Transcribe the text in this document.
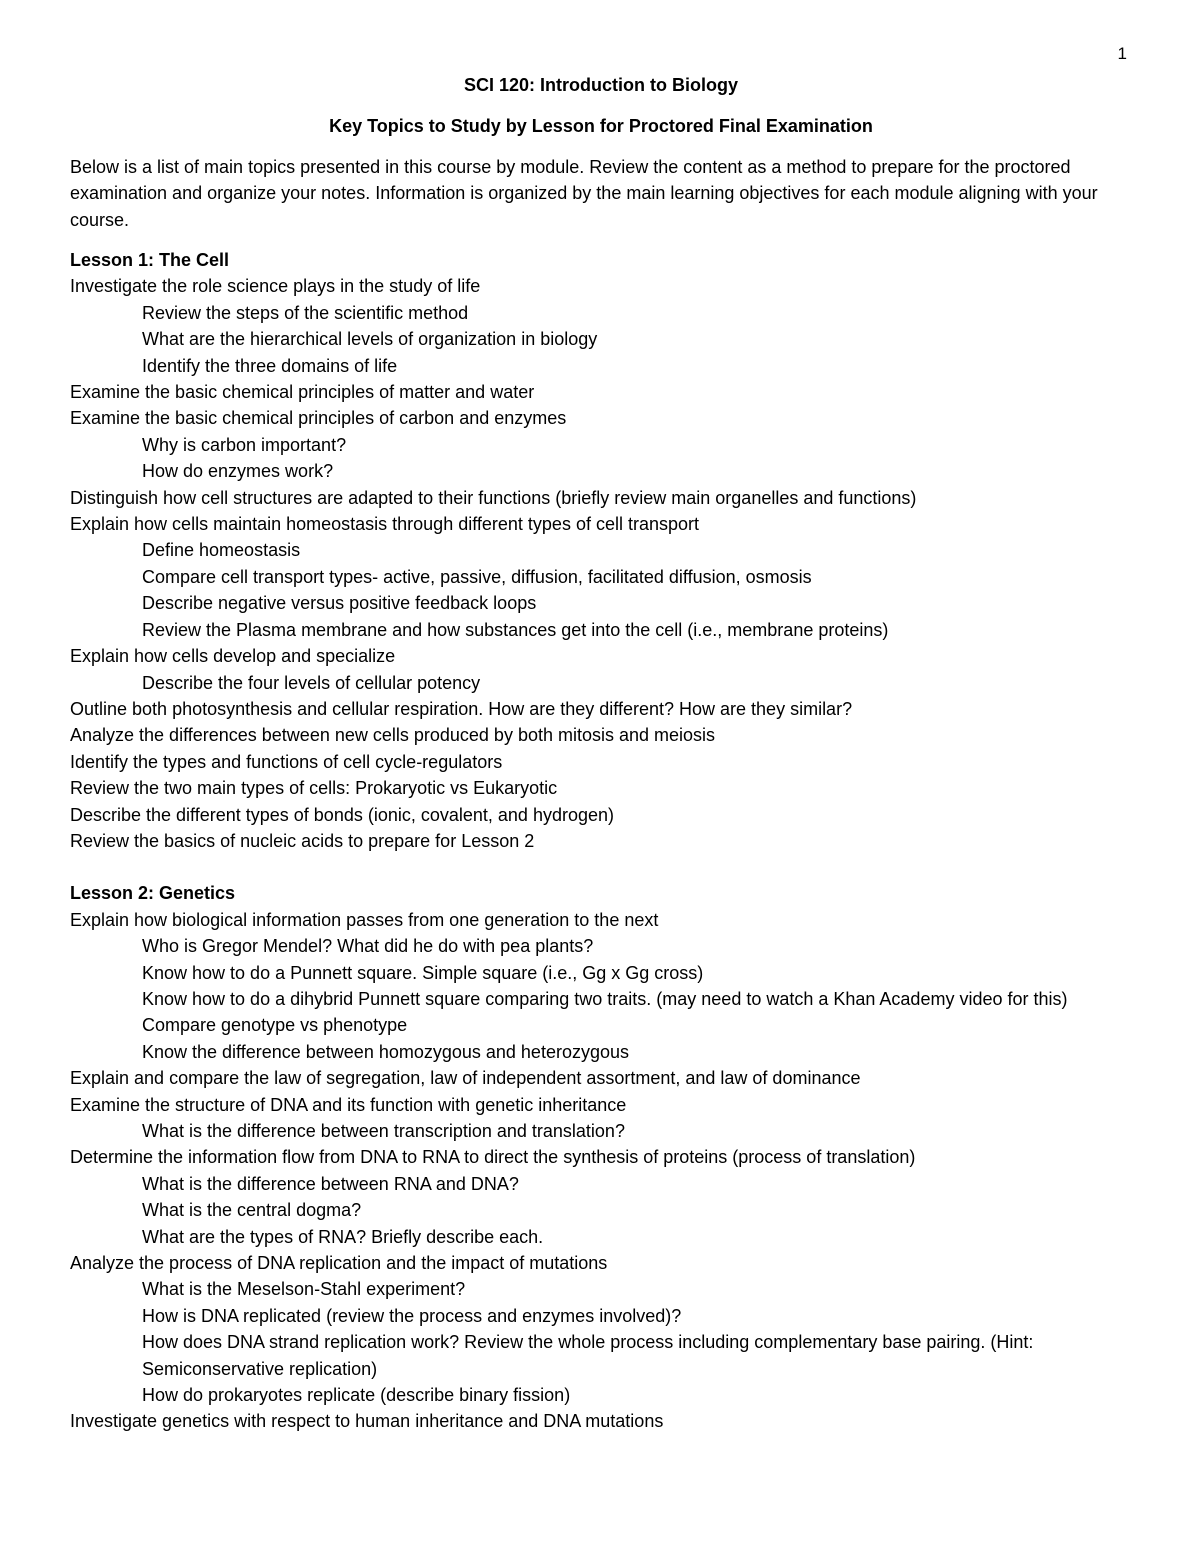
1

SCI 120: Introduction to Biology

Key Topics to Study by Lesson for Proctored Final Examination

Below is a list of main topics presented in this course by module. Review the content as a method to prepare for the proctored examination and organize your notes. Information is organized by the main learning objectives for each module aligning with your course.

Lesson 1: The Cell

Investigate the role science plays in the study of life

Review the steps of the scientific method

What are the hierarchical levels of organization in biology

Identify the three domains of life

Examine the basic chemical principles of matter and water

Examine the basic chemical principles of carbon and enzymes

Why is carbon important?

How do enzymes work?

Distinguish how cell structures are adapted to their functions (briefly review main organelles and functions)

Explain how cells maintain homeostasis through different types of cell transport

Define homeostasis

Compare cell transport types- active, passive, diffusion, facilitated diffusion, osmosis

Describe negative versus positive feedback loops

Review the Plasma membrane and how substances get into the cell (i.e., membrane proteins)

Explain how cells develop and specialize

Describe the four levels of cellular potency

Outline both photosynthesis and cellular respiration. How are they different? How are they similar?

Analyze the differences between new cells produced by both mitosis and meiosis

Identify the types and functions of cell cycle-regulators

Review the two main types of cells: Prokaryotic vs Eukaryotic

Describe the different types of bonds (ionic, covalent, and hydrogen)

Review the basics of nucleic acids to prepare for Lesson 2

Lesson 2: Genetics

Explain how biological information passes from one generation to the next

Who is Gregor Mendel? What did he do with pea plants?

Know how to do a Punnett square. Simple square (i.e., Gg x Gg cross)

Know how to do a dihybrid Punnett square comparing two traits. (may need to watch a Khan Academy video for this)

Compare genotype vs phenotype

Know the difference between homozygous and heterozygous

Explain and compare the law of segregation, law of independent assortment, and law of dominance

Examine the structure of DNA and its function with genetic inheritance

What is the difference between transcription and translation?

Determine the information flow from DNA to RNA to direct the synthesis of proteins (process of translation)

What is the difference between RNA and DNA?

What is the central dogma?

What are the types of RNA? Briefly describe each.

Analyze the process of DNA replication and the impact of mutations

What is the Meselson-Stahl experiment?

How is DNA replicated (review the process and enzymes involved)?

How does DNA strand replication work? Review the whole process including complementary base pairing. (Hint: Semiconservative replication)

How do prokaryotes replicate (describe binary fission)

Investigate genetics with respect to human inheritance and DNA mutations
